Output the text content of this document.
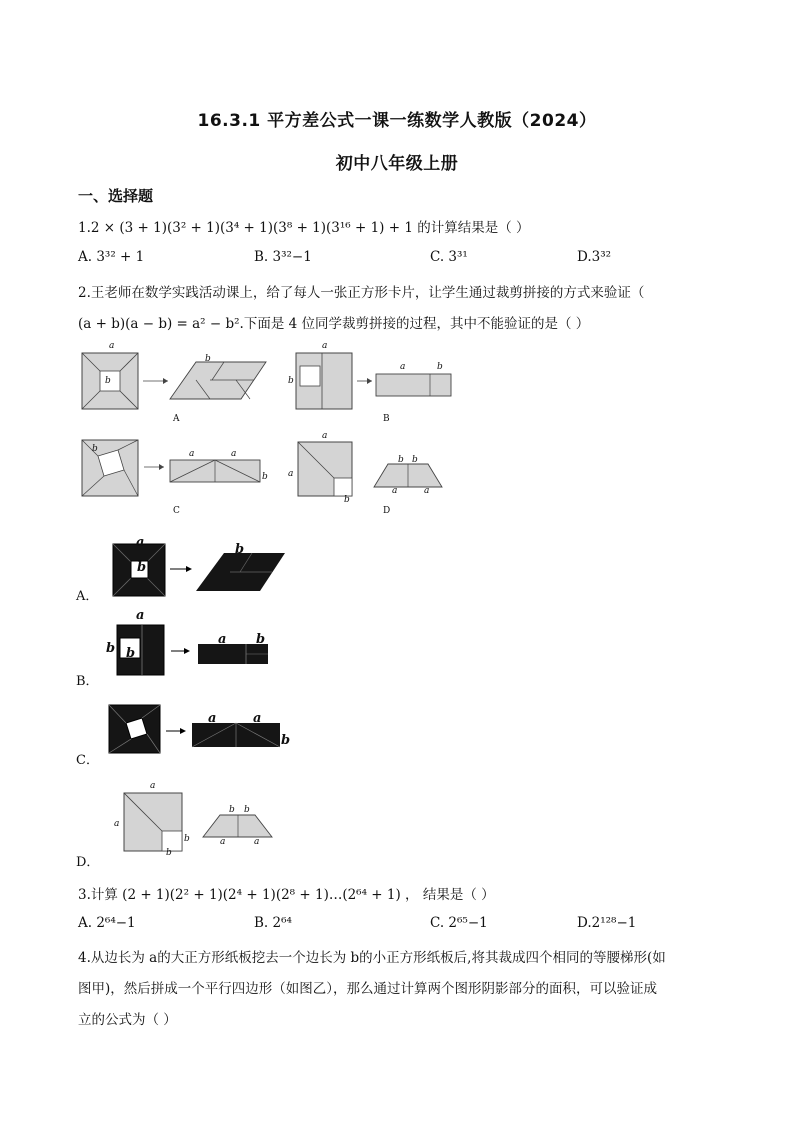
16.3.1 平方差公式一课一练数学人教版（2024）
初中八年级上册
一、选择题
1.2 × (3 + 1)(3² + 1)(3⁴ + 1)(3⁸ + 1)(3¹⁶ + 1) + 1 的计算结果是（ ）
A. 3³² + 1	B. 3³²−1	C. 3³¹	D.3³²
2.王老师在数学实践活动课上，给了每人一张正方形卡片，让学生通过裁剪拼接的方式来验证（
(a + b)(a − b) = a² − b².下面是 4 位同学裁剪拼接的过程，其中不能验证的是（ ）
a
b
b
a
b
a	b
b	a	a
b
a
a
b
b b
a	a
A	B
C	D
A．
a
b
b
B．
a
b b
a b
C．
a	a
b
D．
a
a
b
b
b b
a	a
3.计算 (2 + 1)(2² + 1)(2⁴ + 1)(2⁸ + 1)…(2⁶⁴ + 1) ， 结果是（ ）
A. 2⁶⁴−1	B. 2⁶⁴	C. 2⁶⁵−1	D.2¹²⁸−1
4.从边长为 a的大正方形纸板挖去一个边长为 b的小正方形纸板后,将其裁成四个相同的等腰梯形(如
图甲)，然后拼成一个平行四边形（如图乙），那么通过计算两个图形阴影部分的面积，可以验证成
立的公式为（ ）
